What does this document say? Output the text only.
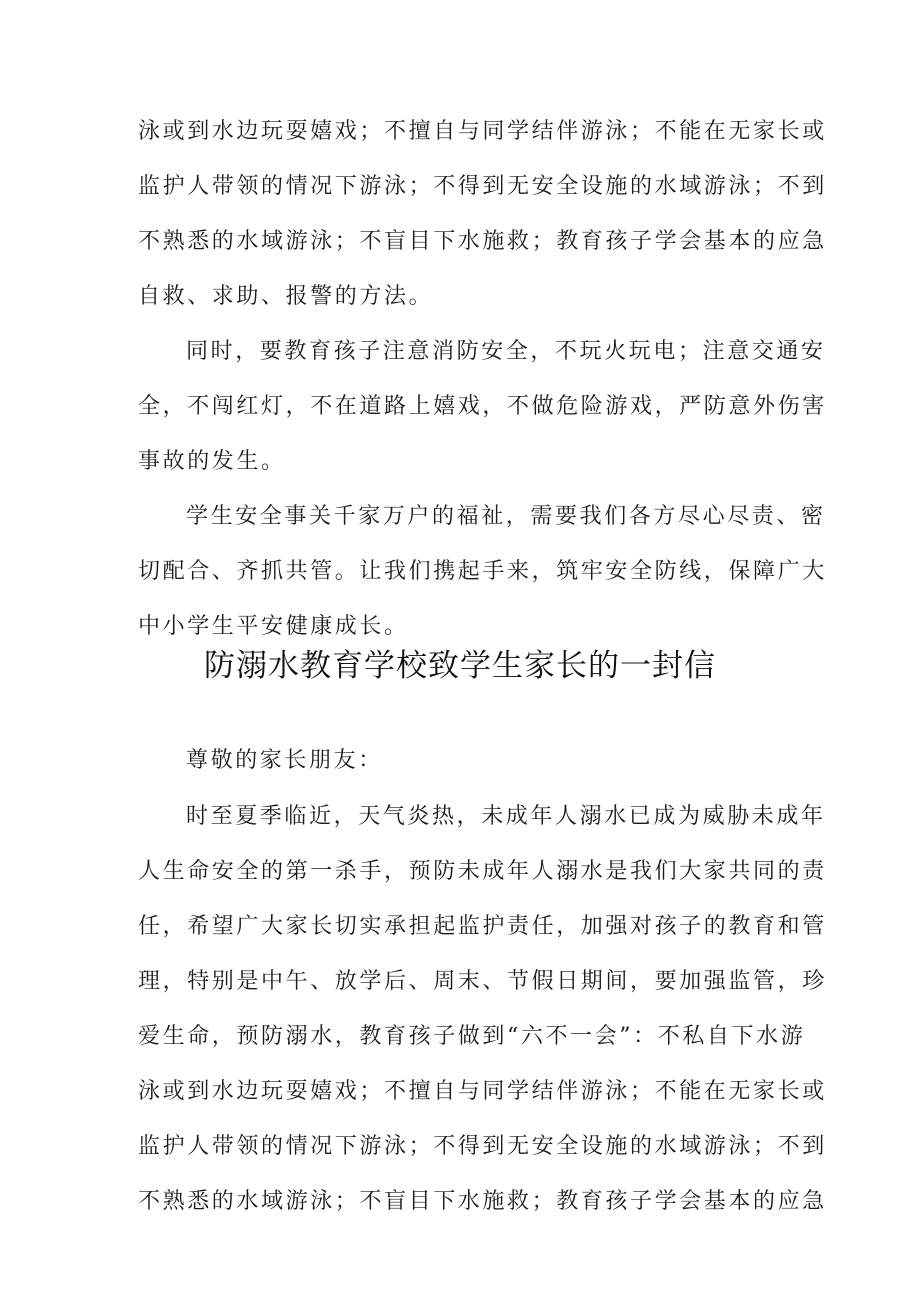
泳或到水边玩耍嬉戏；不擅自与同学结伴游泳；不能在无家长或
监护人带领的情况下游泳；不得到无安全设施的水域游泳；不到
不熟悉的水域游泳；不盲目下水施救；教育孩子学会基本的应急
自救、求助、报警的方法。
同时，要教育孩子注意消防安全，不玩火玩电；注意交通安
全，不闯红灯，不在道路上嬉戏，不做危险游戏，严防意外伤害
事故的发生。
学生安全事关千家万户的福祉，需要我们各方尽心尽责、密
切配合、齐抓共管。让我们携起手来，筑牢安全防线，保障广大
中小学生平安健康成长。
防溺水教育学校致学生家长的一封信
尊敬的家长朋友：
时至夏季临近，天气炎热，未成年人溺水已成为威胁未成年
人生命安全的第一杀手，预防未成年人溺水是我们大家共同的责
任，希望广大家长切实承担起监护责任，加强对孩子的教育和管
理，特别是中午、放学后、周末、节假日期间，要加强监管，珍
爱生命，预防溺水，教育孩子做到“六不一会”：不私自下水游
泳或到水边玩耍嬉戏；不擅自与同学结伴游泳；不能在无家长或
监护人带领的情况下游泳；不得到无安全设施的水域游泳；不到
不熟悉的水域游泳；不盲目下水施救；教育孩子学会基本的应急
